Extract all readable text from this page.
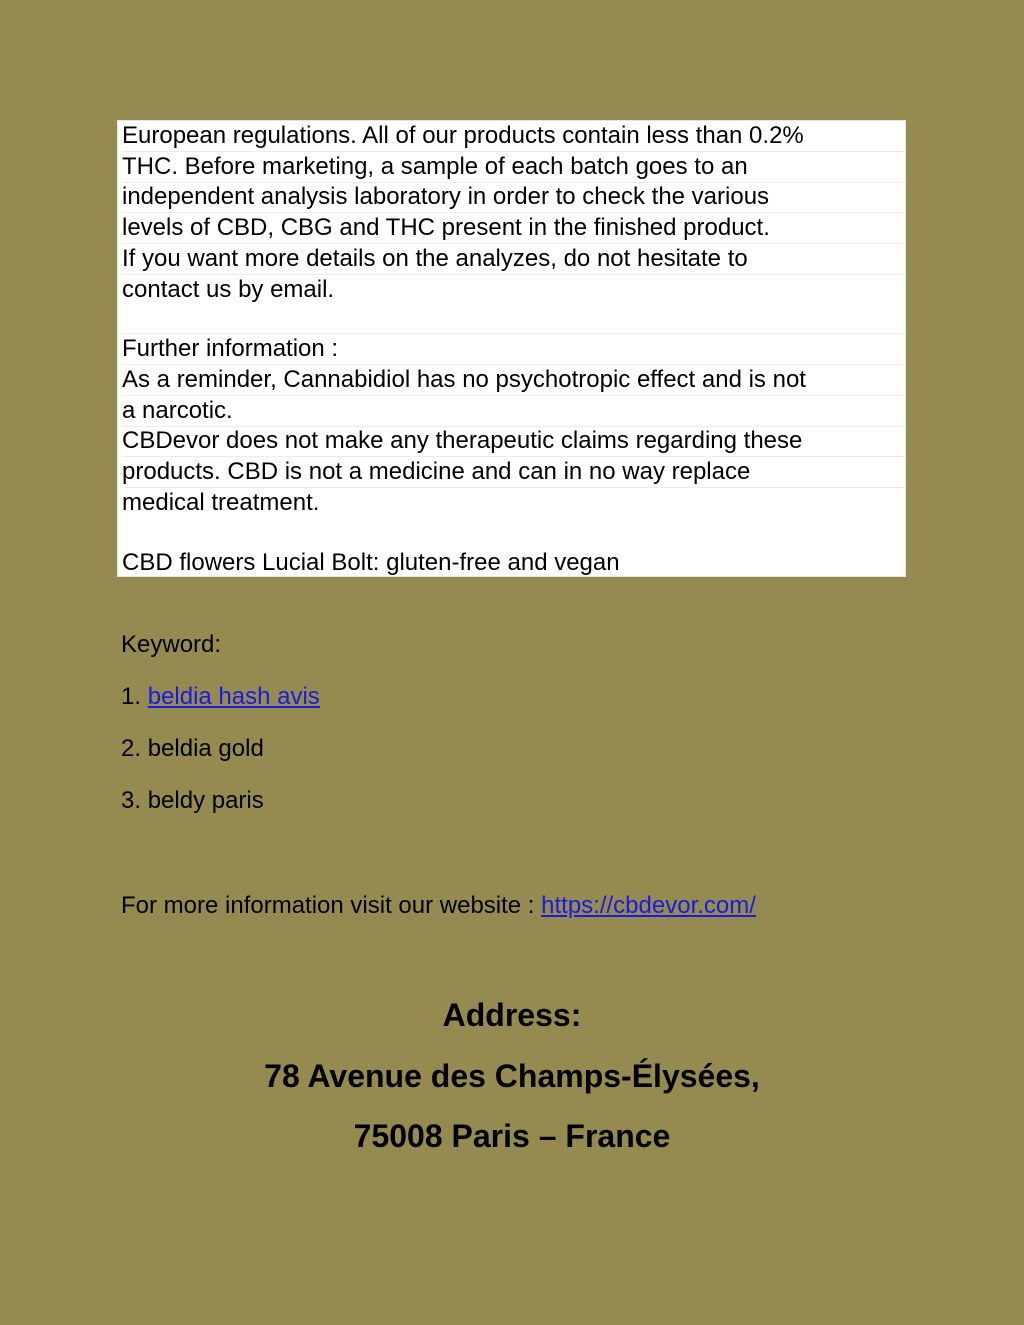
European regulations. All of our products contain less than 0.2%
THC. Before marketing, a sample of each batch goes to an
independent analysis laboratory in order to check the various
levels of CBD, CBG and THC present in the finished product.
If you want more details on the analyzes, do not hesitate to
contact us by email.
Further information :
As a reminder, Cannabidiol has no psychotropic effect and is not
a narcotic.
CBDevor does not make any therapeutic claims regarding these
products. CBD is not a medicine and can in no way replace
medical treatment.
CBD flowers Lucial Bolt: gluten-free and vegan
Keyword:
1. beldia hash avis
2. beldia gold
3. beldy paris
For more information visit our website : https://cbdevor.com/
Address:
78 Avenue des Champs-Élysées,
75008 Paris – France
